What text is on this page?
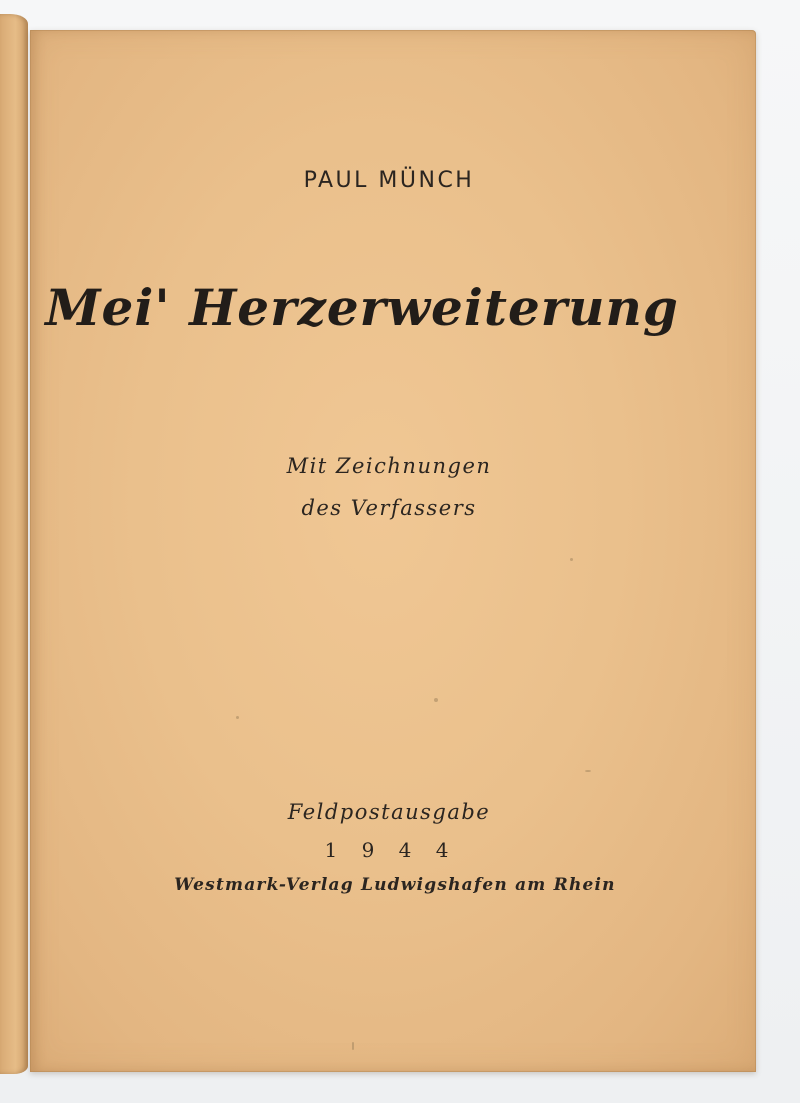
PAUL MÜNCH
Mei' Herzerweiterung
Mit Zeichnungen
des Verfassers
Feldpostausgabe
1 9 4 4
Westmark-Verlag Ludwigshafen am Rhein
